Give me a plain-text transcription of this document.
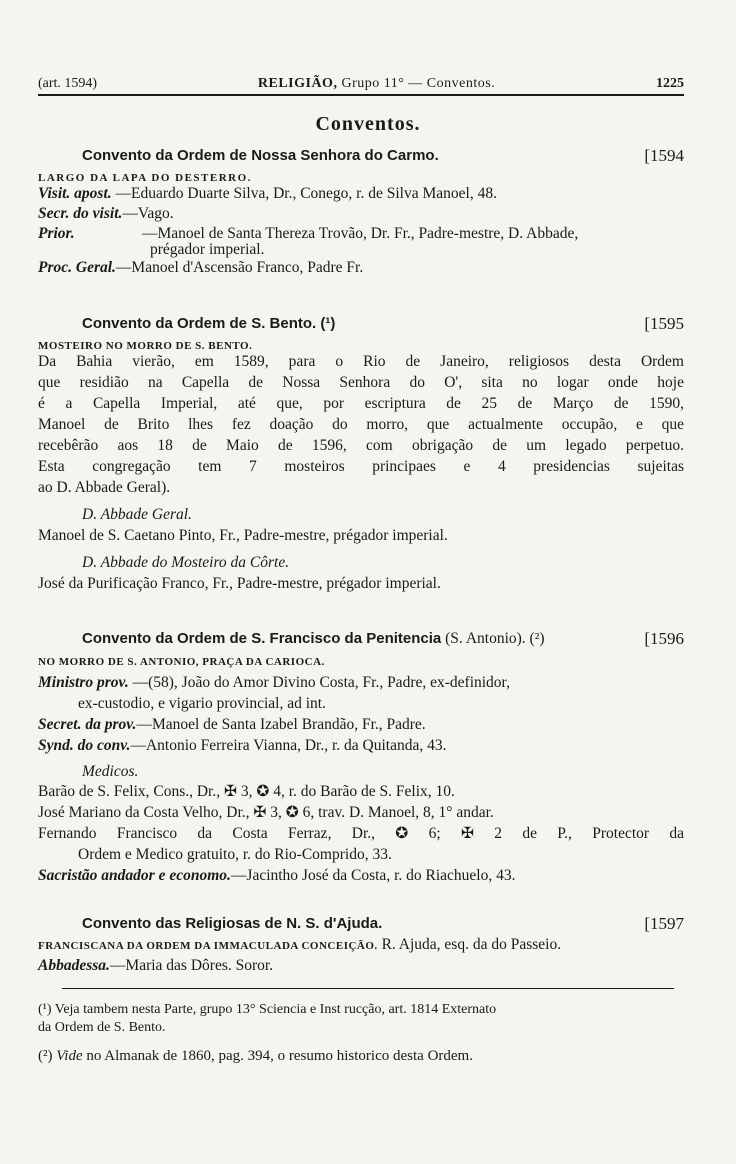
(art. 1594)	RELIGIÃO, Grupo 11° — Conventos.	1225
Conventos.
Convento da Ordem de Nossa Senhora do Carmo.	[1594
LARGO DA LAPA DO DESTERRO.
Visit. apost. —Eduardo Duarte Silva, Dr., Conego, r. de Silva Manoel, 48.
Secr. do visit.—Vago.
Prior.	—Manoel de Santa Thereza Trovão, Dr. Fr., Padre-mestre, D. Abbade,
prégador imperial.
Proc. Geral.—Manoel d'Ascensão Franco, Padre Fr.
Convento da Ordem de S. Bento. (¹)	[1595
MOSTEIRO NO MORRO DE S. BENTO.
Da Bahia vierão, em 1589, para o Rio de Janeiro, religiosos desta Ordem
que residião na Capella de Nossa Senhora do O', sita no logar onde hoje
é a Capella Imperial, até que, por escriptura de 25 de Março de 1590,
Manoel de Brito lhes fez doação do morro, que actualmente occupão, e que
recebêrão aos 18 de Maio de 1596, com obrigação de um legado perpetuo.
Esta congregação tem 7 mosteiros principaes e 4 presidencias sujeitas
ao D. Abbade Geral).
D. Abbade Geral.
Manoel de S. Caetano Pinto, Fr., Padre-mestre, prégador imperial.
D. Abbade do Mosteiro da Côrte.
José da Purificação Franco, Fr., Padre-mestre, prégador imperial.
Convento da Ordem de S. Francisco da Penitencia (S. Antonio). (²)	[1596
NO MORRO DE S. ANTONIO, PRAÇA DA CARIOCA.
Ministro prov. —(58), João do Amor Divino Costa, Fr., Padre, ex-definidor,
ex-custodio, e vigario provincial, ad int.
Secret. da prov.—Manoel de Santa Izabel Brandão, Fr., Padre.
Synd. do conv.—Antonio Ferreira Vianna, Dr., r. da Quitanda, 43.
Medicos.
Barão de S. Felix, Cons., Dr., ✠ 3, ✪ 4, r. do Barão de S. Felix, 10.
José Mariano da Costa Velho, Dr., ✠ 3, ✪ 6, trav. D. Manoel, 8, 1° andar.
Fernando Francisco da Costa Ferraz, Dr., ✪ 6; ✠ 2 de P., Protector da
Ordem e Medico gratuito, r. do Rio-Comprido, 33.
Sacristão andador e economo.—Jacintho José da Costa, r. do Riachuelo, 43.
Convento das Religiosas de N. S. d'Ajuda.	[1597
FRANCISCANA DA ORDEM DA IMMACULADA CONCEIÇÃO. R. Ajuda, esq. da do Passeio.
Abbadessa.—Maria das Dôres. Soror.
(¹) Veja tambem nesta Parte, grupo 13° Sciencia e Inst rucção, art. 1814 Externato
da Ordem de S. Bento.
(²) Vide no Almanak de 1860, pag. 394, o resumo historico desta Ordem.
